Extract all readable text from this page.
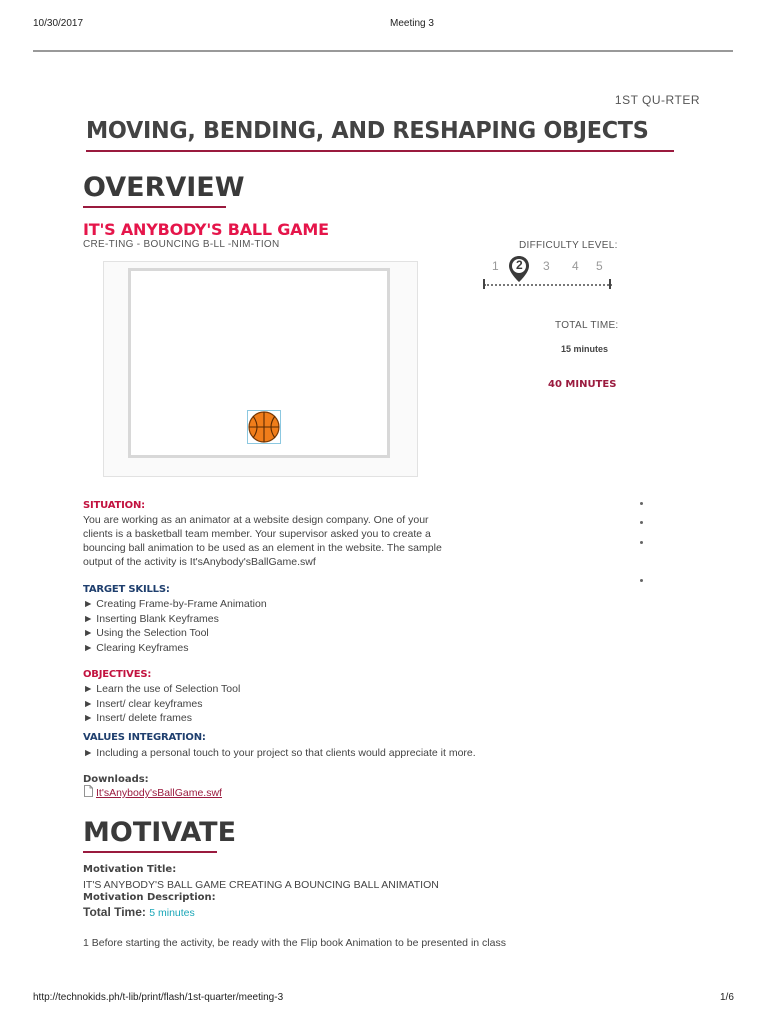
10/30/2017	Meeting 3
1ST QU-RTER
MOVING, BENDING, AND RESHAPING OBJECTS
OVERVIEW
IT'S ANYBODY'S BALL GAME
CRE-TING - BOUNCING B-LL -NIM-TION	DIFFICULTY LEVEL:
1 2 3 4 5
TOTAL TIME:
15 minutes
40 MINUTES
SITUATION:
You are working as an animator at a website design company. One of your
clients is a basketball team member. Your supervisor asked you to create a
bouncing ball animation to be used as an element in the website. The sample
output of the activity is It'sAnybody'sBallGame.swf
TARGET SKILLS:
► Creating Frame-by-Frame Animation
► Inserting Blank Keyframes
► Using the Selection Tool
► Clearing Keyframes
OBJECTIVES:
► Learn the use of Selection Tool
► Insert/ clear keyframes
► Insert/ delete frames
VALUES INTEGRATION:
► Including a personal touch to your project so that clients would appreciate it more.
Downloads:
It'sAnybody'sBallGame.swf
MOTIVATE
Motivation Title:
IT'S ANYBODY'S BALL GAME CREATING A BOUNCING BALL ANIMATION
Motivation Description:
Total Time: 5 minutes
1 Before starting the activity, be ready with the Flip book Animation to be presented in class
http://technokids.ph/t-lib/print/flash/1st-quarter/meeting-3	1/6
